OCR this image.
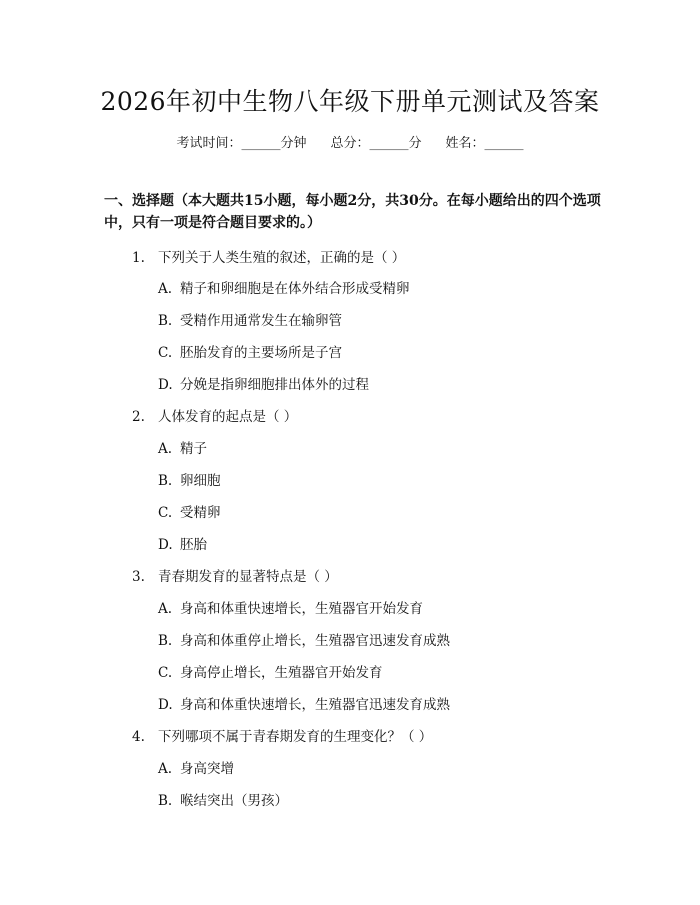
2026年初中生物八年级下册单元测试及答案
考试时间：______分钟 总分：______分 姓名：______
一、选择题（本大题共15小题，每小题2分，共30分。在每小题给出的四个选项中，只有一项是符合题目要求的。）
1. 下列关于人类生殖的叙述，正确的是（ ）
A. 精子和卵细胞是在体外结合形成受精卵
B. 受精作用通常发生在输卵管
C. 胚胎发育的主要场所是子宫
D. 分娩是指卵细胞排出体外的过程
2. 人体发育的起点是（ ）
A. 精子
B. 卵细胞
C. 受精卵
D. 胚胎
3. 青春期发育的显著特点是（ ）
A. 身高和体重快速增长，生殖器官开始发育
B. 身高和体重停止增长，生殖器官迅速发育成熟
C. 身高停止增长，生殖器官开始发育
D. 身高和体重快速增长，生殖器官迅速发育成熟
4. 下列哪项不属于青春期发育的生理变化？（ ）
A. 身高突增
B. 喉结突出（男孩）
